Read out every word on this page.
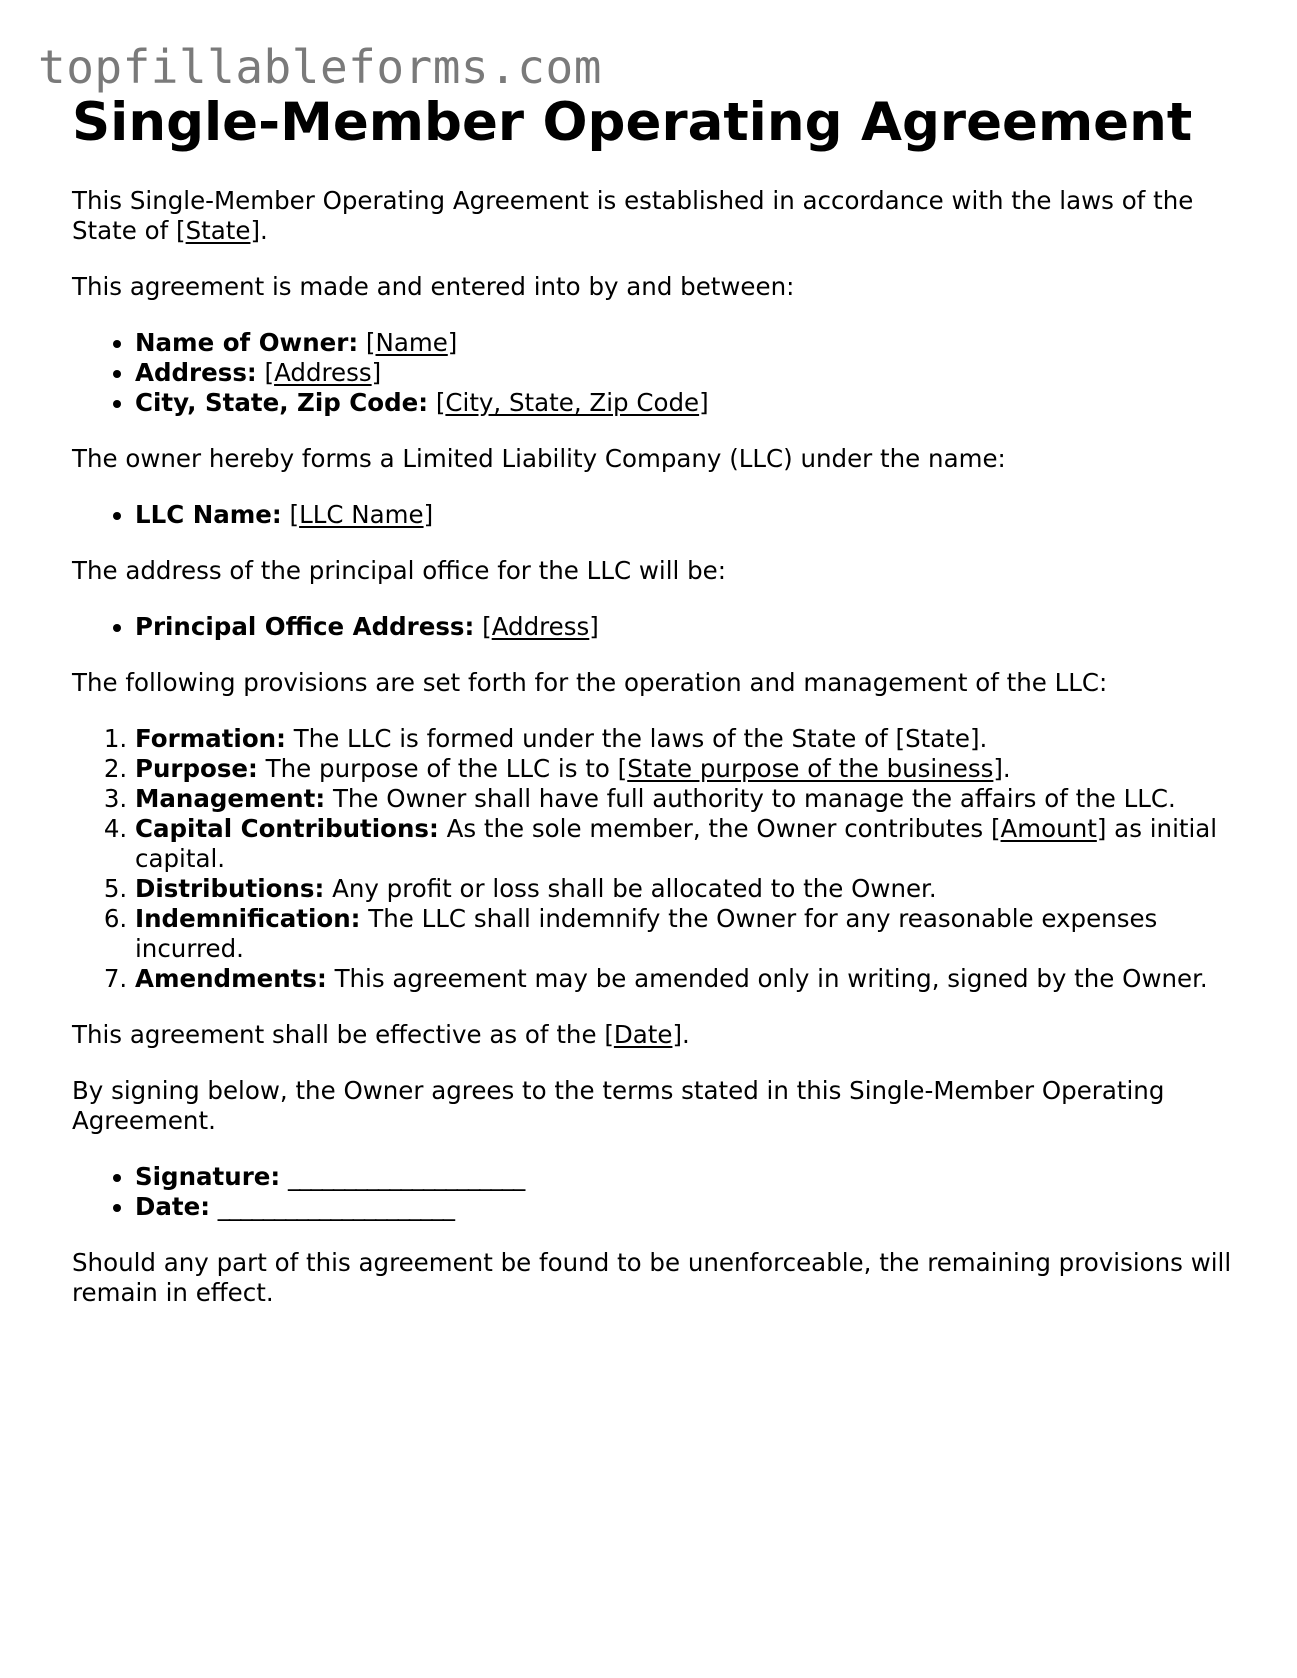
topfillableforms.com
Single-Member Operating Agreement

This Single-Member Operating Agreement is established in accordance with the laws of the State of [State].

This agreement is made and entered into by and between:

• Name of Owner: [Name]
• Address: [Address]
• City, State, Zip Code: [City, State, Zip Code]

The owner hereby forms a Limited Liability Company (LLC) under the name:

• LLC Name: [LLC Name]

The address of the principal office for the LLC will be:

• Principal Office Address: [Address]

The following provisions are set forth for the operation and management of the LLC:

1. Formation: The LLC is formed under the laws of the State of [State].
2. Purpose: The purpose of the LLC is to [State purpose of the business].
3. Management: The Owner shall have full authority to manage the affairs of the LLC.
4. Capital Contributions: As the sole member, the Owner contributes [Amount] as initial capital.
5. Distributions: Any profit or loss shall be allocated to the Owner.
6. Indemnification: The LLC shall indemnify the Owner for any reasonable expenses incurred.
7. Amendments: This agreement may be amended only in writing, signed by the Owner.

This agreement shall be effective as of the [Date].

By signing below, the Owner agrees to the terms stated in this Single-Member Operating Agreement.

• Signature: _____________________
• Date: _____________________

Should any part of this agreement be found to be unenforceable, the remaining provisions will remain in effect.
